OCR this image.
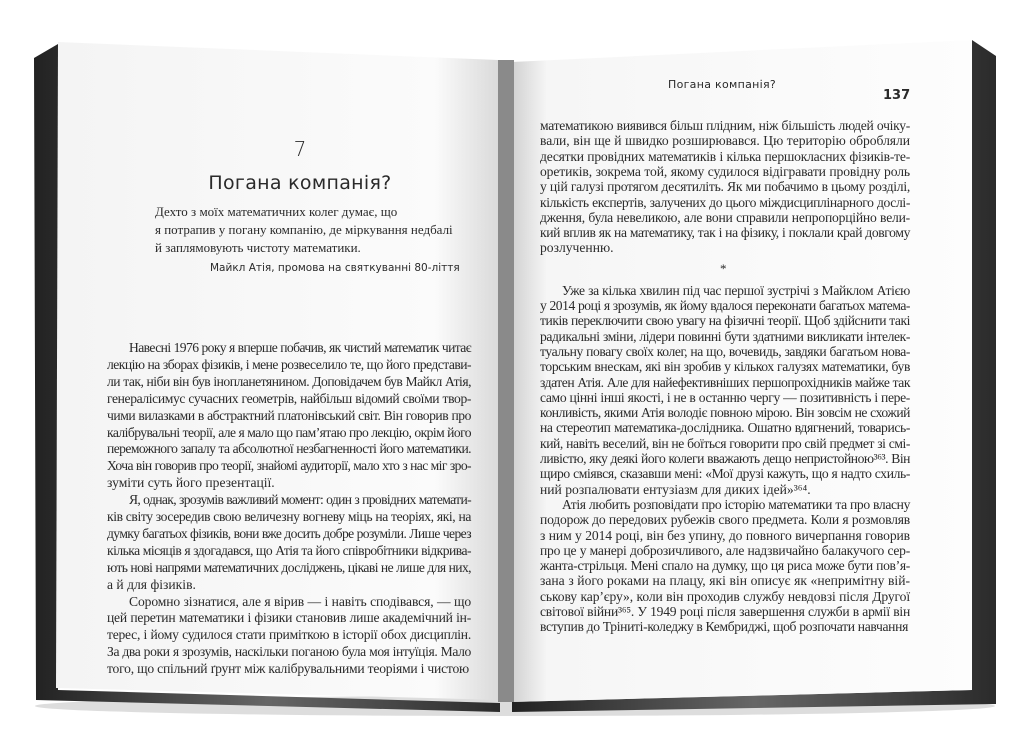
7
Погана компанія?
Дехто з моїх математичних колег думає, що
я потрапив у погану компанію, де міркування недбалі
й заплямовують чистоту математики.
Майкл Атія, промова на святкуванні 80-ліття
Навесні 1976 року я вперше побачив, як чистий математик читає
лекцію на зборах фізиків, і мене розвеселило те, що його представи-
ли так, ніби він був інопланетянином. Доповідачем був Майкл Атія,
генералісимус сучасних геометрів, найбільш відомий своїми твор-
чими вилазками в абстрактний платонівський світ. Він говорив про
калібрувальні теорії, але я мало що пам’ятаю про лекцію, окрім його
переможного запалу та абсолютної незбагненності його математики.
Хоча він говорив про теорії, знайомі аудиторії, мало хто з нас міг зро-
зуміти суть його презентації.
Я, однак, зрозумів важливий момент: один з провідних математи-
ків світу зосередив свою величезну вогневу міць на теоріях, які, на
думку багатьох фізиків, вони вже досить добре розуміли. Лише через
кілька місяців я здогадався, що Атія та його співробітники відкрива-
ють нові напрями математичних досліджень, цікаві не лише для них,
а й для фізиків.
Соромно зізнатися, але я вірив — і навіть сподівався, — що
цей перетин математики і фізики становив лише академічний ін-
терес, і йому судилося стати приміткою в історії обох дисциплін.
За два роки я зрозумів, наскільки поганою була моя інтуїція. Мало
того, що спільний ґрунт між калібрувальними теоріями і чистою
Погана компанія?
137
математикою виявився більш плідним, ніж більшість людей очіку-
вали, він ще й швидко розширювався. Цю територію обробляли
десятки провідних математиків і кілька першокласних фізиків-те-
оретиків, зокрема той, якому судилося відігравати провідну роль
у цій галузі протягом десятиліть. Як ми побачимо в цьому розділі,
кількість експертів, залучених до цього міждисциплінарного дослі-
дження, була невеликою, але вони справили непропорційно вели-
кий вплив як на математику, так і на фізику, і поклали край довгому
розлученню.
Уже за кілька хвилин під час першої зустрічі з Майклом Атією
у 2014 році я зрозумів, як йому вдалося переконати багатьох матема-
тиків переключити свою увагу на фізичні теорії. Щоб здійснити такі
радикальні зміни, лідери повинні бути здатними викликати інтелек-
туальну повагу своїх колег, на що, вочевидь, завдяки багатьом нова-
торським внескам, які він зробив у кількох галузях математики, був
здатен Атія. Але для найефективніших першопрохідників майже так
само цінні інші якості, і не в останню чергу — позитивність і пере-
конливість, якими Атія володіє повною мірою. Він зовсім не схожий
на стереотип математика-дослідника. Ошатно вдягнений, товарись-
кий, навіть веселий, він не боїться говорити про свій предмет зі смі-
ливістю, яку деякі його колеги вважають дещо непристойною³⁶³. Він
щиро сміявся, сказавши мені: «Мої друзі кажуть, що я надто схиль-
ний розпалювати ентузіазм для диких ідей»³⁶⁴.
Атія любить розповідати про історію математики та про власну
подорож до передових рубежів свого предмета. Коли я розмовляв
з ним у 2014 році, він без упину, до повного вичерпання говорив
про це у манері доброзичливого, але надзвичайно балакучого сер-
жанта-стрільця. Мені спало на думку, що ця риса може бути пов’я-
зана з його роками на плацу, які він описує як «непримітну вій-
ськову кар’єру», коли він проходив службу невдовзі після Другої
світової війни³⁶⁵. У 1949 році після завершення служби в армії він
вступив до Тріниті-коледжу в Кембриджі, щоб розпочати навчання
*
